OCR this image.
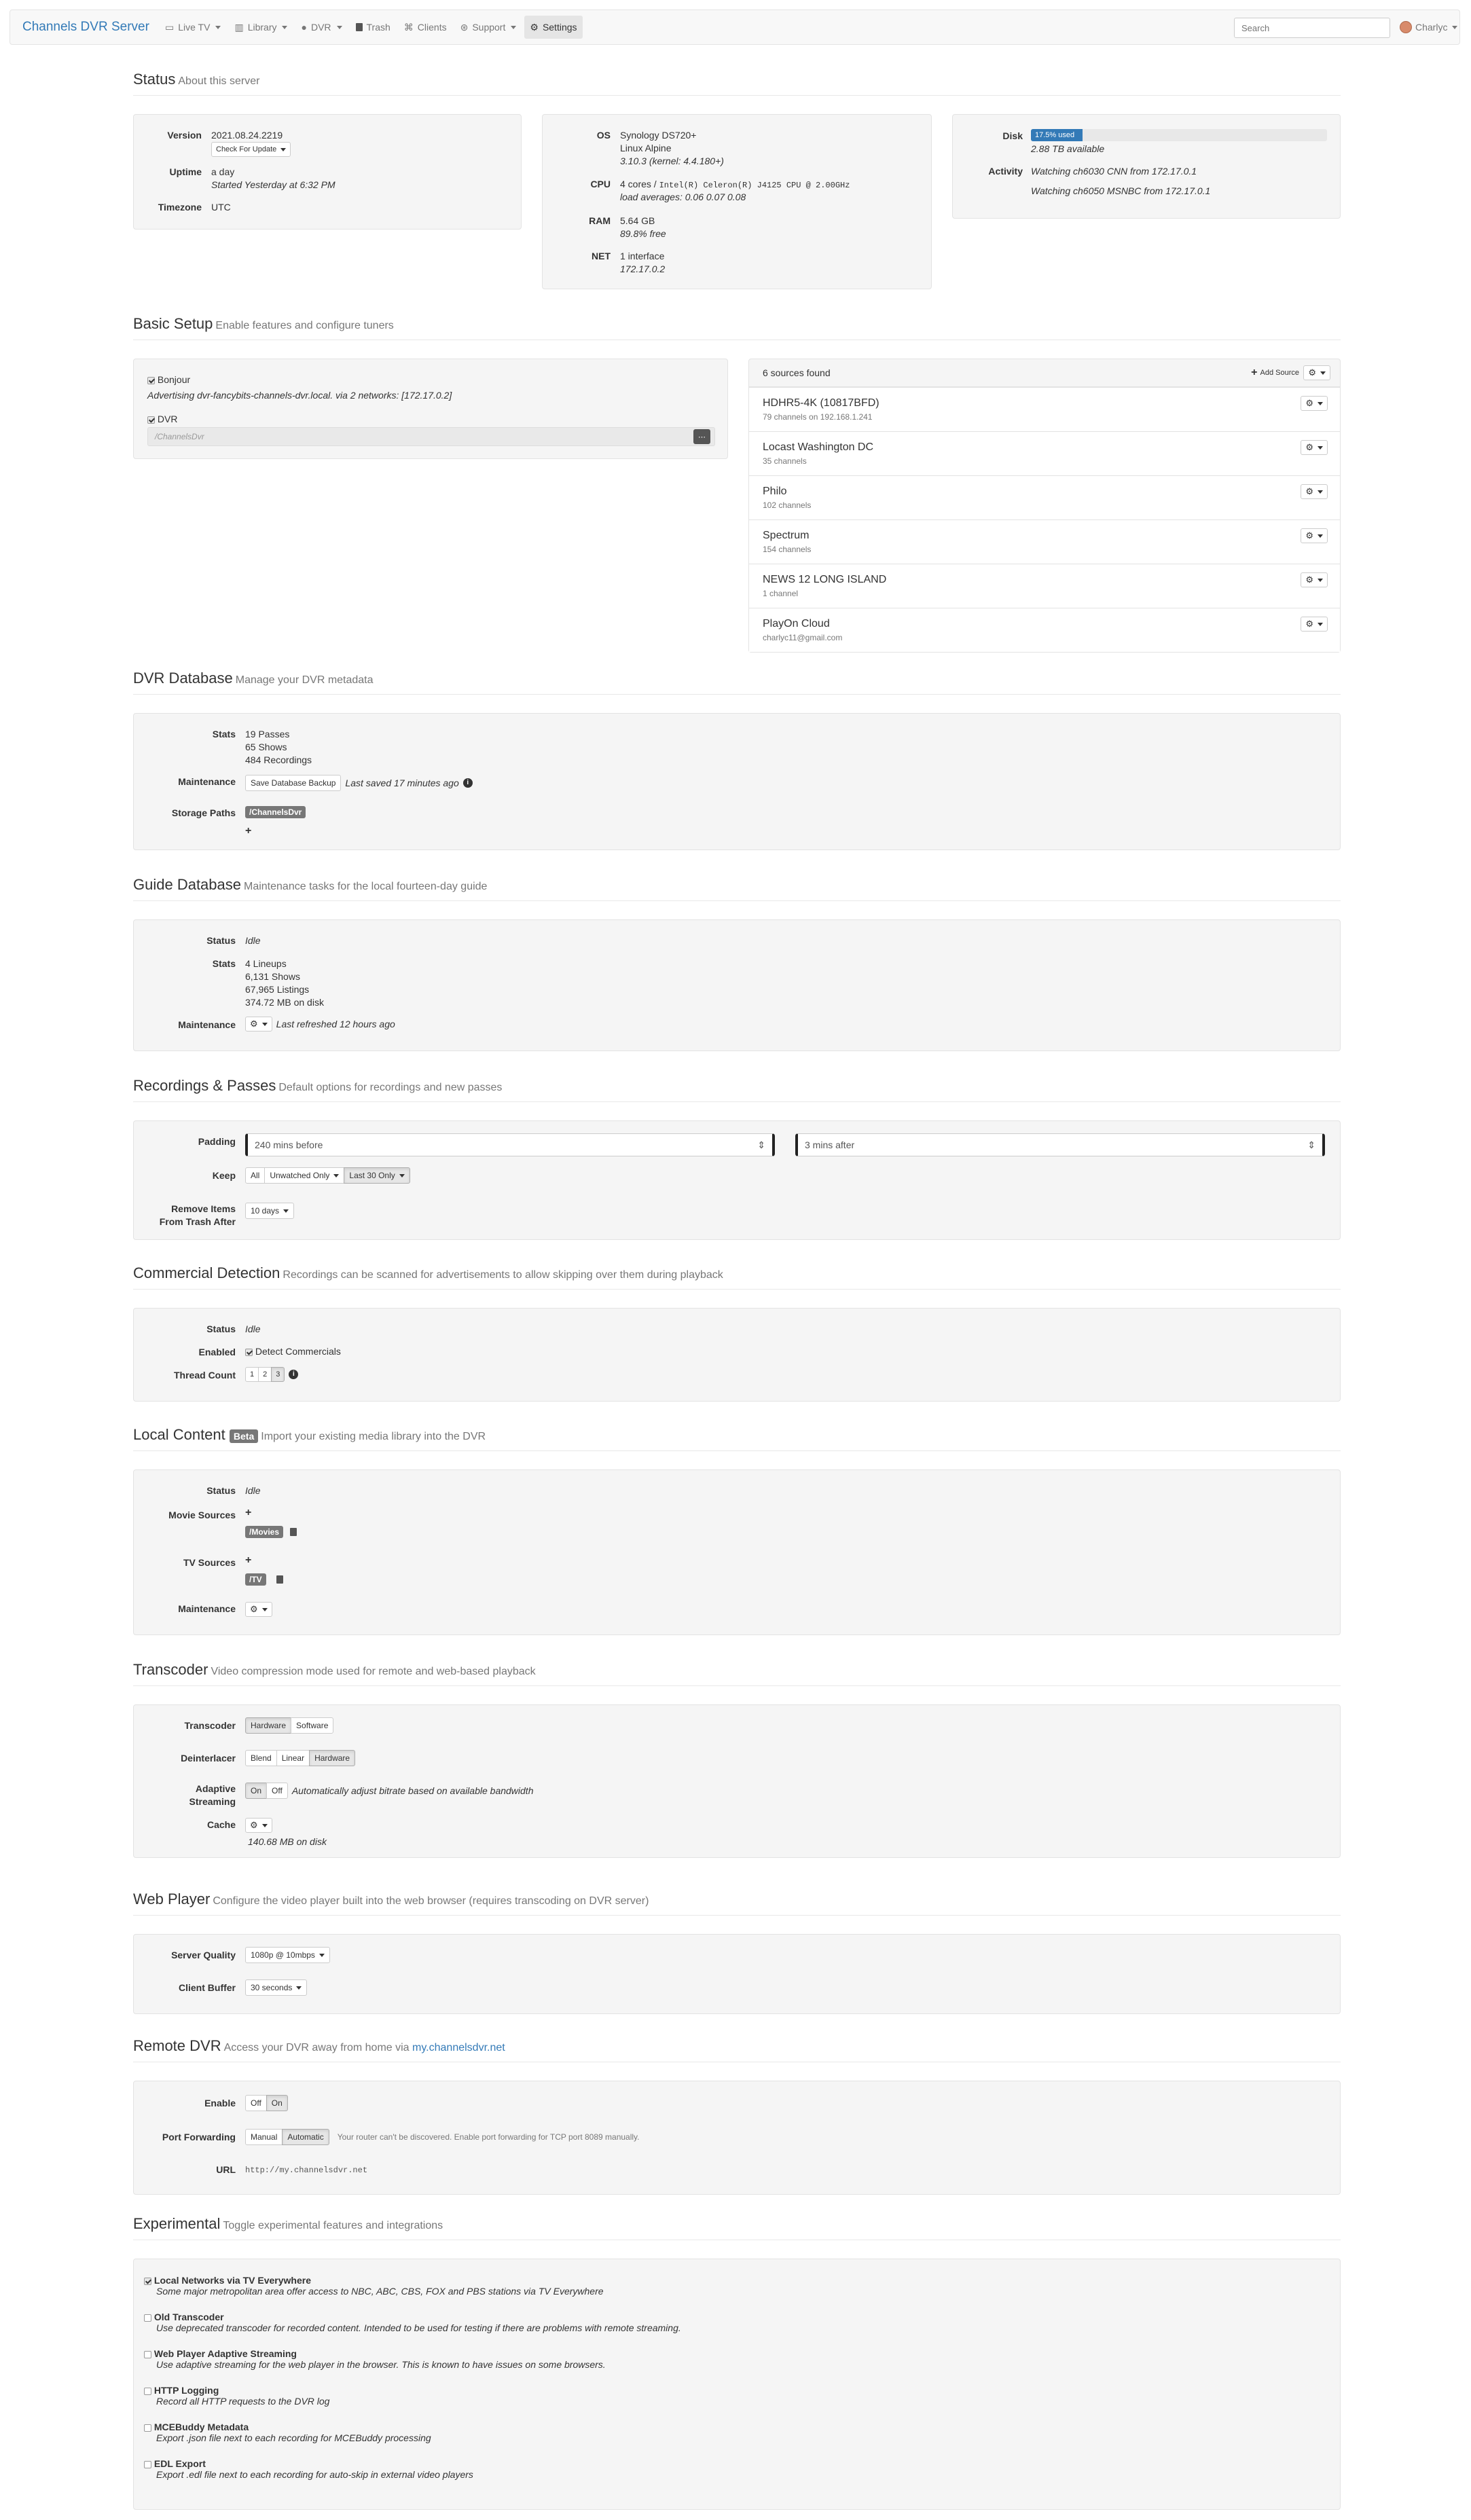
Channels DVR Server ▭ Live TV	▥ Library	● DVR	Trash ⌘ Clients ⊛ Support	⚙ Settings
Search	Charlyc
Status About this server
Version 2021.08.24.2219
Check For Update
Uptime a day
Started Yesterday at 6:32 PM
Timezone UTC
OS Synology DS720+
Linux Alpine
3.10.3 (kernel: 4.4.180+)
CPU 4 cores / Intel(R) Celeron(R) J4125 CPU @ 2.00GHz
load averages: 0.06 0.07 0.08
RAM 5.64 GB
89.8% free
NET 1 interface
172.17.0.2
Disk	17.5% used
2.88 TB available
Activity Watching ch6030 CNN from 172.17.0.1
Watching ch6050 MSNBC from 172.17.0.1
Basic Setup Enable features and configure tuners
Bonjour
Advertising dvr-fancybits-channels-dvr.local. via 2 networks: [172.17.0.2]
DVR
/ChannelsDvr	⋯
6 sources found	+ Add Source ⚙
HDHR5-4K (10817BFD)
79 channels on 192.168.1.241
⚙
Locast Washington DC
35 channels
⚙
Philo
102 channels
⚙
Spectrum
154 channels
⚙
NEWS 12 LONG ISLAND
1 channel
⚙
PlayOn Cloud
charlyc11@gmail.com
⚙
DVR Database Manage your DVR metadata
Stats 19 Passes
65 Shows
484 Recordings
Maintenance	Save Database Backup	Last saved 17 minutes ago	i
Storage Paths	/ChannelsDvr
+
Guide Database Maintenance tasks for the local fourteen-day guide
Status Idle
Stats 4 Lineups
6,131 Shows
67,965 Listings
374.72 MB on disk
Maintenance ⚙ Last refreshed 12 hours ago
Recordings & Passes Default options for recordings and new passes
Padding 240 mins before	⇕	3 mins after	⇕
Keep	All	Unwatched Only Last 30 Only
Remove Items
From Trash After
10 days
Commercial Detection Recordings can be scanned for advertisements to allow skipping over them during playback
Status Idle
Enabled	Detect Commercials
Thread Count	1	2	3	i
Local Content Beta Import your existing media library into the DVR
Status Idle
Movie Sources +
/Movies
TV Sources +
/TV
Maintenance ⚙
Transcoder Video compression mode used for remote and web-based playback
Transcoder	Hardware	Software
Deinterlacer	Blend	Linear	Hardware
Adaptive
Streaming
On	Off	Automatically adjust bitrate based on available bandwidth
Cache ⚙
140.68 MB on disk
Web Player Configure the video player built into the web browser (requires transcoding on DVR server)
Server Quality 1080p @ 10mbps
Client Buffer 30 seconds
Remote DVR Access your DVR away from home via my.channelsdvr.net
Enable	Off	On
Port Forwarding	Manual	Automatic	Your router can't be discovered. Enable port forwarding for TCP port 8089 manually.
URL http://my.channelsdvr.net
Experimental Toggle experimental features and integrations
Local Networks via TV Everywhere
Some major metropolitan area offer access to NBC, ABC, CBS, FOX and PBS stations via TV Everywhere
Old Transcoder
Use deprecated transcoder for recorded content. Intended to be used for testing if there are problems with remote streaming.
Web Player Adaptive Streaming
Use adaptive streaming for the web player in the browser. This is known to have issues on some browsers.
HTTP Logging
Record all HTTP requests to the DVR log
MCEBuddy Metadata
Export .json file next to each recording for MCEBuddy processing
EDL Export
Export .edl file next to each recording for auto-skip in external video players
